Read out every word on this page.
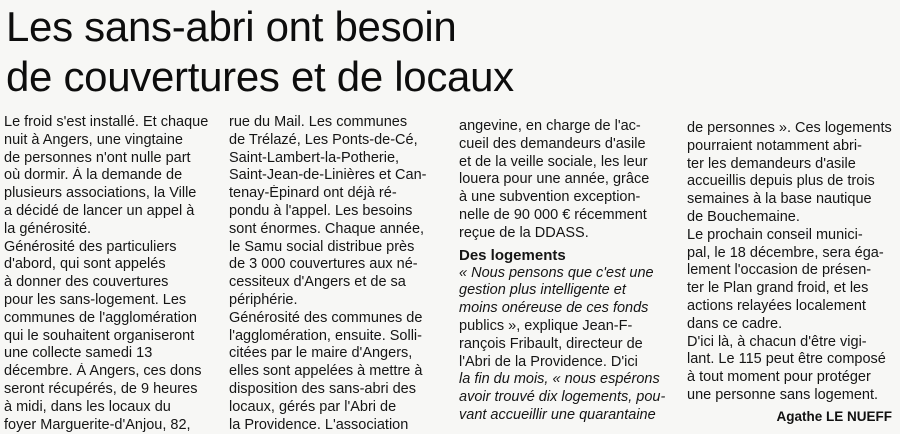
Les sans-abri ont besoin
de couvertures et de locaux
Le froid s'est installé. Et chaque
nuit à Angers, une vingtaine
de personnes n'ont nulle part
où dormir. À la demande de
plusieurs associations, la Ville
a décidé de lancer un appel à
la générosité.
Générosité des particuliers
d'abord, qui sont appelés
à donner des couvertures
pour les sans-logement. Les
communes de l'agglomération
qui le souhaitent organiseront
une collecte samedi 13
décembre. À Angers, ces dons
seront récupérés, de 9 heures
à midi, dans les locaux du
foyer Marguerite-d'Anjou, 82,
rue du Mail. Les communes
de Trélazé, Les Ponts-de-Cé,
Saint-Lambert-la-Potherie,
Saint-Jean-de-Linières et Can-
tenay-Épinard ont déjà ré-
pondu à l'appel. Les besoins
sont énormes. Chaque année,
le Samu social distribue près
de 3 000 couvertures aux né-
cessiteux d'Angers et de sa
périphérie.
Générosité des communes de
l'agglomération, ensuite. Solli-
citées par le maire d'Angers,
elles sont appelées à mettre à
disposition des sans-abri des
locaux, gérés par l'Abri de
la Providence. L'association
angevine, en charge de l'ac-
cueil des demandeurs d'asile
et de la veille sociale, les leur
louera pour une année, grâce
à une subvention exception-
nelle de 90 000 € récemment
reçue de la DDASS.
Des logements
« Nous pensons que c'est une
gestion plus intelligente et
moins onéreuse de ces fonds
publics », explique Jean-F-
rançois Fribault, directeur de
l'Abri de la Providence. D'ici
la fin du mois, « nous espérons
avoir trouvé dix logements, pou-
vant accueillir une quarantaine
de personnes ». Ces logements
pourraient notamment abri-
ter les demandeurs d'asile
accueillis depuis plus de trois
semaines à la base nautique
de Bouchemaine.
Le prochain conseil munici-
pal, le 18 décembre, sera éga-
lement l'occasion de présen-
ter le Plan grand froid, et les
actions relayées localement
dans ce cadre.
D'ici là, à chacun d'être vigi-
lant. Le 115 peut être composé
à tout moment pour protéger
une personne sans logement.
Agathe LE NUEFF
